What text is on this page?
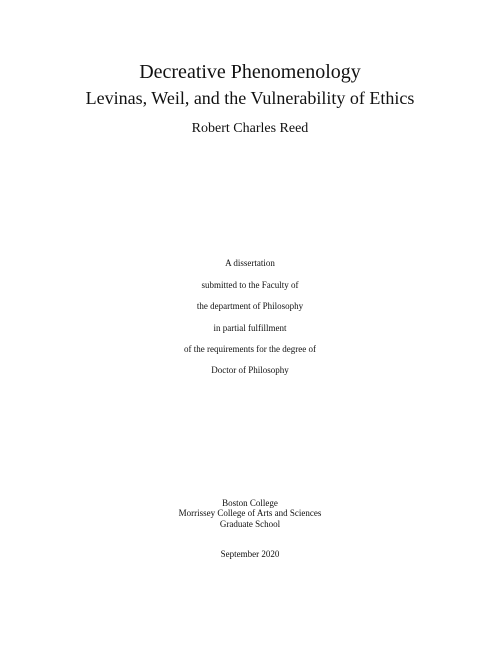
Decreative Phenomenology
Levinas, Weil, and the Vulnerability of Ethics
Robert Charles Reed
A dissertation
submitted to the Faculty of
the department of Philosophy
in partial fulfillment
of the requirements for the degree of
Doctor of Philosophy
Boston College
Morrissey College of Arts and Sciences
Graduate School
September 2020
